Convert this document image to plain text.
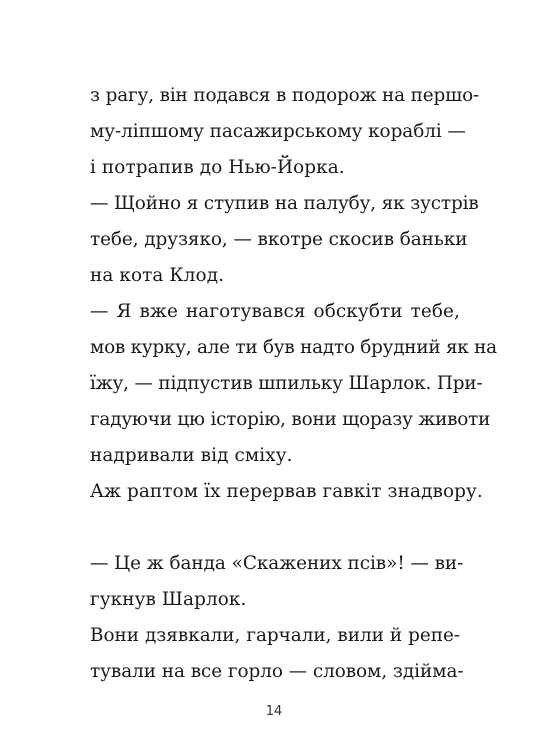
з рагу, він подався в подорож на першо-
му-ліпшому пасажирському кораблі —
і потрапив до Нью-Йорка.

— Щойно я ступив на палубу, як зустрів
тебе, друзяко, — вкотре скосив баньки
на кота Клод.

— Я вже наготувався обскубти тебе,
мов курку, але ти був надто брудний як на
їжу, — підпустив шпильку Шарлок. При-
гадуючи цю історію, вони щоразу животи
надривали від сміху.

Аж раптом їх перервав гавкіт знадвору.

— Це ж банда «Скажених псів»! — ви-
гукнув Шарлок.

Вони дзявкали, гарчали, вили й репе-
тували на все горло — словом, здійма-

14
